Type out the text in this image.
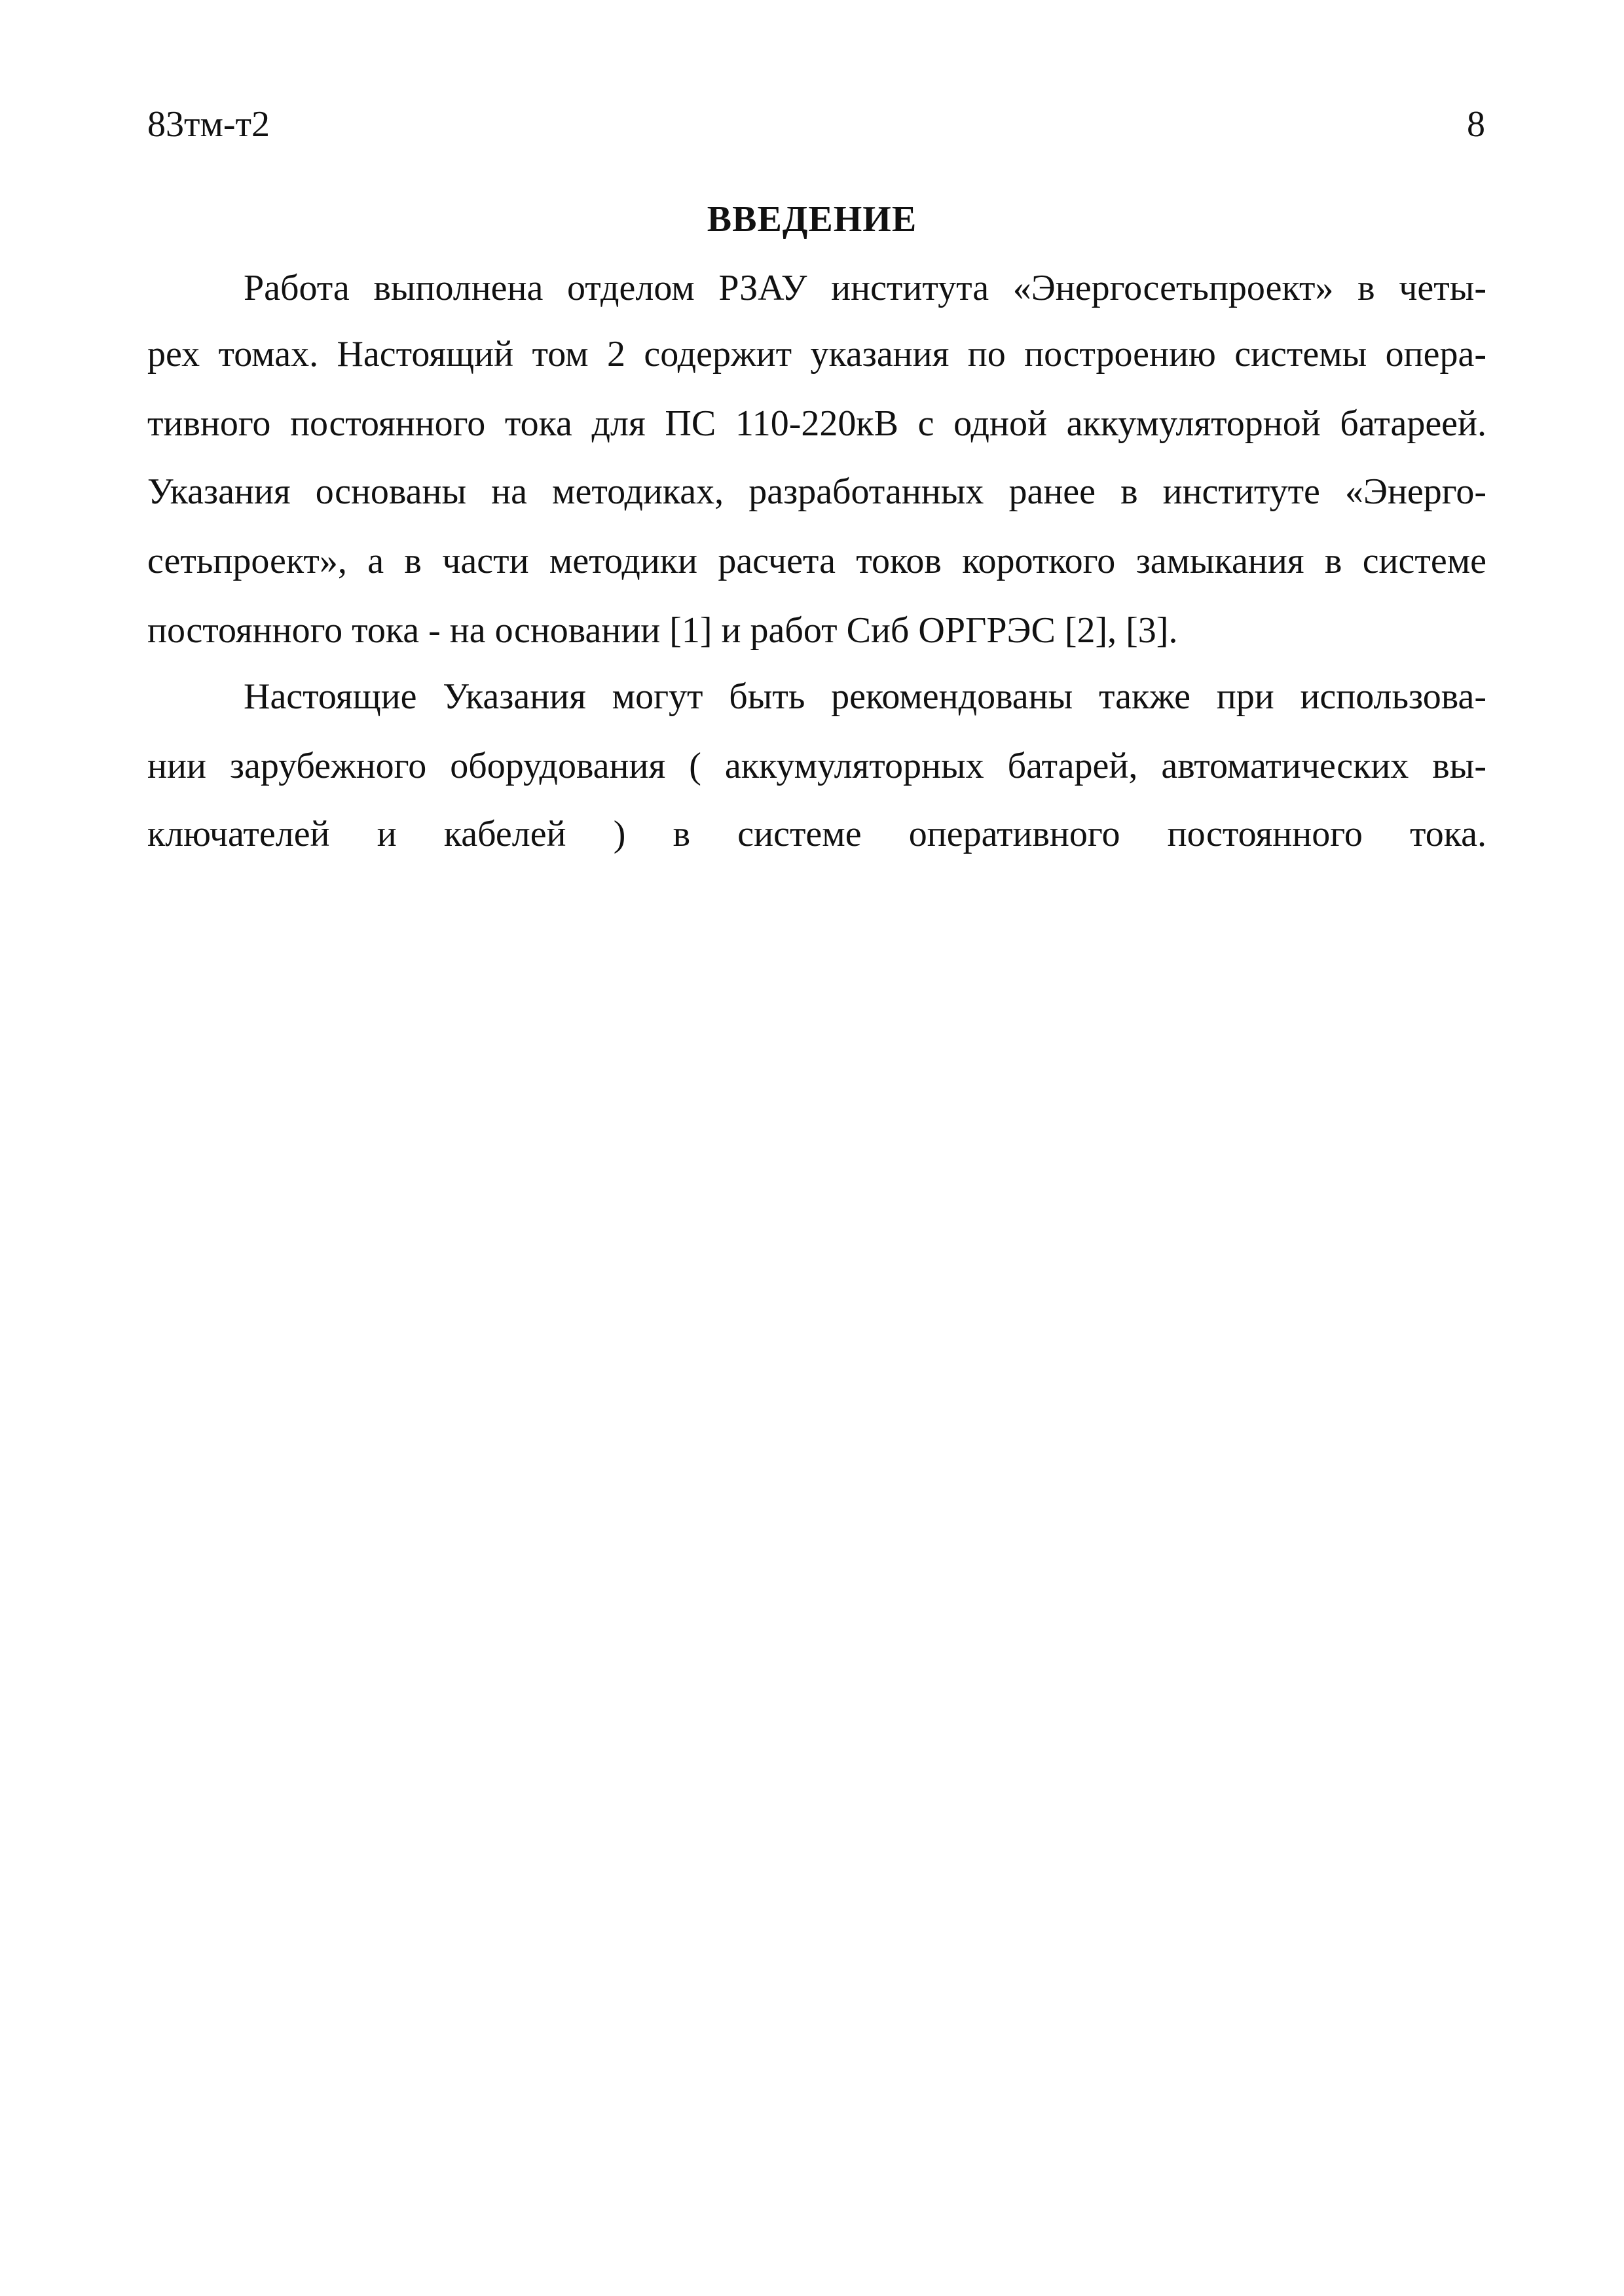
83тм-т2	8
ВВЕДЕНИЕ
Работа выполнена отделом РЗАУ института «Энергосетьпроект» в четы-
рех томах. Настоящий том 2 содержит указания по построению системы опера-
тивного постоянного тока для ПС 110-220кВ с одной аккумуляторной батареей.
Указания основаны на методиках, разработанных ранее в институте «Энерго-
сетьпроект», а в части методики расчета токов короткого замыкания в системе
постоянного тока - на основании [1] и работ Сиб ОРГРЭС [2], [3].
Настоящие Указания могут быть рекомендованы также при использова-
нии зарубежного оборудования ( аккумуляторных батарей, автоматических вы-
ключателей и кабелей ) в системе оперативного постоянного тока.
